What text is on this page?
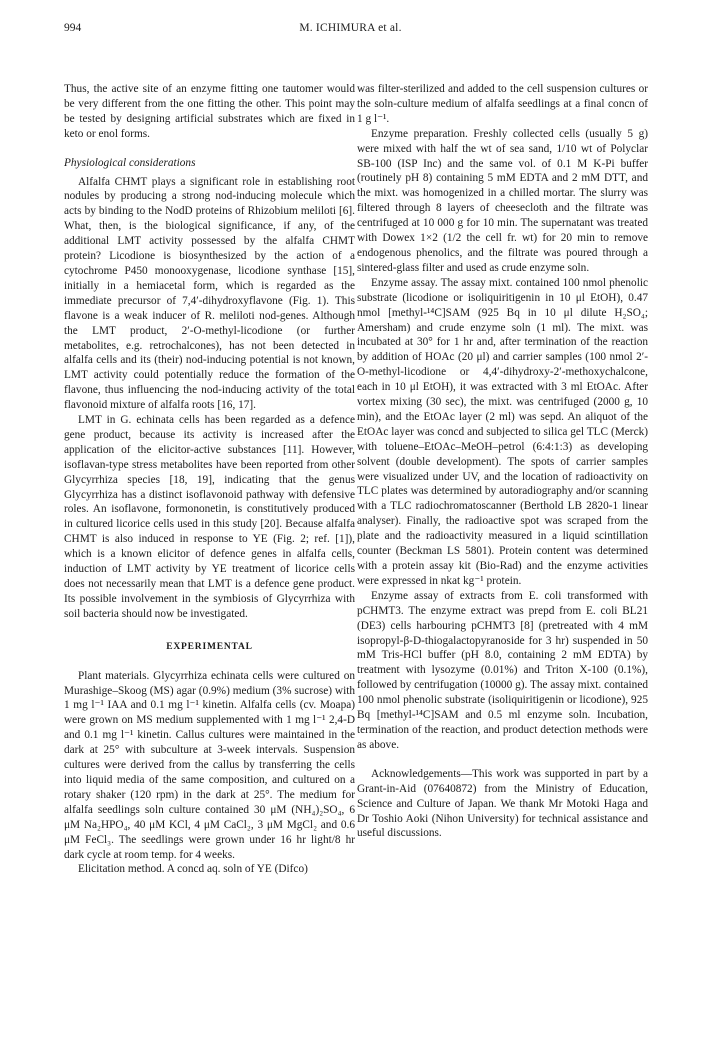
994	M. ICHIMURA et al.

Thus, the active site of an enzyme fitting one tautomer would be very different from the one fitting the other. This point may be tested by designing artificial substrates which are fixed in keto or enol forms.

Physiological considerations

Alfalfa CHMT plays a significant role in establishing root nodules by producing a strong nod-inducing molecule which acts by binding to the NodD proteins of Rhizobium meliloti [6]. What, then, is the biological significance, if any, of the additional LMT activity possessed by the alfalfa CHMT protein? Licodione is biosynthesized by the action of a cytochrome P450 monooxygenase, licodione synthase [15], initially in a hemiacetal form, which is regarded as the immediate precursor of 7,4′-dihydroxyflavone (Fig. 1). This flavone is a weak inducer of R. meliloti nod-genes. Although the LMT product, 2′-O-methyl-licodione (or further metabolites, e.g. retrochalcones), has not been detected in alfalfa cells and its (their) nod-inducing potential is not known, LMT activity could potentially reduce the formation of the flavone, thus influencing the nod-inducing activity of the total flavonoid mixture of alfalfa roots [16, 17].

LMT in G. echinata cells has been regarded as a defence gene product, because its activity is increased after the application of the elicitor-active substances [11]. However, isoflavan-type stress metabolites have been reported from other Glycyrrhiza species [18, 19], indicating that the genus Glycyrrhiza has a distinct isoflavonoid pathway with defensive roles. An isoflavone, formononetin, is constitutively produced in cultured licorice cells used in this study [20]. Because alfalfa CHMT is also induced in response to YE (Fig. 2; ref. [1]), which is a known elicitor of defence genes in alfalfa cells, induction of LMT activity by YE treatment of licorice cells does not necessarily mean that LMT is a defence gene product. Its possible involvement in the symbiosis of Glycyrrhiza with soil bacteria should now be investigated.

EXPERIMENTAL

Plant materials. Glycyrrhiza echinata cells were cultured on Murashige–Skoog (MS) agar (0.9%) medium (3% sucrose) with 1 mg l⁻¹ IAA and 0.1 mg l⁻¹ kinetin. Alfalfa cells (cv. Moapa) were grown on MS medium supplemented with 1 mg l⁻¹ 2,4-D and 0.1 mg l⁻¹ kinetin. Callus cultures were maintained in the dark at 25° with subculture at 3-week intervals. Suspension cultures were derived from the callus by transferring the cells into liquid media of the same composition, and cultured on a rotary shaker (120 rpm) in the dark at 25°. The medium for alfalfa seedlings soln culture contained 30 μM (NH₄)₂SO₄, 6 μM Na₂HPO₄, 40 μM KCl, 4 μM CaCl₂, 3 μM MgCl₂ and 0.6 μM FeCl₃. The seedlings were grown under 16 hr light/8 hr dark cycle at room temp. for 4 weeks.

Elicitation method. A concd aq. soln of YE (Difco)

was filter-sterilized and added to the cell suspension cultures or the soln-culture medium of alfalfa seedlings at a final concn of 1 g l⁻¹.

Enzyme preparation. Freshly collected cells (usually 5 g) were mixed with half the wt of sea sand, 1/10 wt of Polyclar SB-100 (ISP Inc) and the same vol. of 0.1 M K-Pi buffer (routinely pH 8) containing 5 mM EDTA and 2 mM DTT, and the mixt. was homogenized in a chilled mortar. The slurry was filtered through 8 layers of cheesecloth and the filtrate was centrifuged at 10 000 g for 10 min. The supernatant was treated with Dowex 1×2 (1/2 the cell fr. wt) for 20 min to remove endogenous phenolics, and the filtrate was poured through a sintered-glass filter and used as crude enzyme soln.

Enzyme assay. The assay mixt. contained 100 nmol phenolic substrate (licodione or isoliquiritigenin in 10 μl EtOH), 0.47 nmol [methyl-¹⁴C]SAM (925 Bq in 10 μl dilute H₂SO₄; Amersham) and crude enzyme soln (1 ml). The mixt. was incubated at 30° for 1 hr and, after termination of the reaction by addition of HOAc (20 μl) and carrier samples (100 nmol 2′-O-methyl-licodione or 4,4′-dihydroxy-2′-methoxychalcone, each in 10 μl EtOH), it was extracted with 3 ml EtOAc. After vortex mixing (30 sec), the mixt. was centrifuged (2000 g, 10 min), and the EtOAc layer (2 ml) was sepd. An aliquot of the EtOAc layer was concd and subjected to silica gel TLC (Merck) with toluene–EtOAc–MeOH–petrol (6:4:1:3) as developing solvent (double development). The spots of carrier samples were visualized under UV, and the location of radioactivity on TLC plates was determined by autoradiography and/or scanning with a TLC radiochromatoscanner (Berthold LB 2820-1 linear analyser). Finally, the radioactive spot was scraped from the plate and the radioactivity measured in a liquid scintillation counter (Beckman LS 5801). Protein content was determined with a protein assay kit (Bio-Rad) and the enzyme activities were expressed in nkat kg⁻¹ protein.

Enzyme assay of extracts from E. coli transformed with pCHMT3. The enzyme extract was prepd from E. coli BL21 (DE3) cells harbouring pCHMT3 [8] (pretreated with 4 mM isopropyl-β-D-thiogalactopyranoside for 3 hr) suspended in 50 mM Tris-HCl buffer (pH 8.0, containing 2 mM EDTA) by treatment with lysozyme (0.01%) and Triton X-100 (0.1%), followed by centrifugation (10000 g). The assay mixt. contained 100 nmol phenolic substrate (isoliquiritigenin or licodione), 925 Bq [methyl-¹⁴C]SAM and 0.5 ml enzyme soln. Incubation, termination of the reaction, and product detection methods were as above.

Acknowledgements—This work was supported in part by a Grant-in-Aid (07640872) from the Ministry of Education, Science and Culture of Japan. We thank Mr Motoki Haga and Dr Toshio Aoki (Nihon University) for technical assistance and useful discussions.
